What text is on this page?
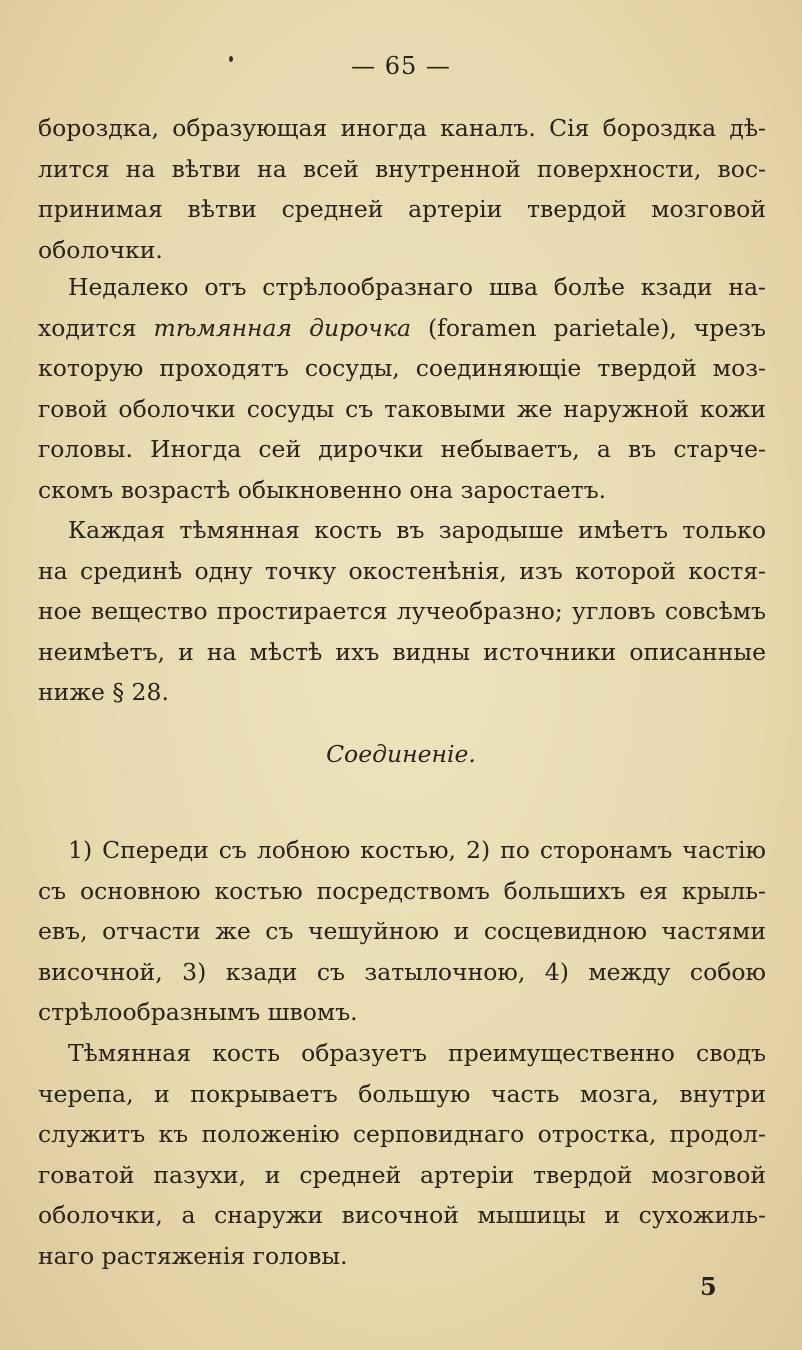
— 65 —
бороздка, образующая иногда каналъ. Сія бороздка дѣ-
лится на вѣтви на всей внутренной поверхности, вос-
принимая вѣтви средней артеріи твердой мозговой
оболочки.
Недалеко отъ стрѣлообразнаго шва болѣе кзади на-
ходится тѣмянная дирочка (foramen parietale), чрезъ
которую проходятъ сосуды, соединяющіе твердой моз-
говой оболочки сосуды съ таковыми же наружной кожи
головы. Иногда сей дирочки небываетъ, а въ старче-
скомъ возрастѣ обыкновенно она заростаетъ.
Каждая тѣмянная кость въ зародыше имѣетъ только
на срединѣ одну точку окостенѣнія, изъ которой костя-
ное вещество простирается лучеобразно; угловъ совсѣмъ
неимѣетъ, и на мѣстѣ ихъ видны источники описанные
ниже § 28.
Соединеніе.
1) Спереди съ лобною костью, 2) по сторонамъ частію
съ основною костью посредствомъ большихъ ея крыль-
евъ, отчасти же съ чешуйною и сосцевидною частями
височной, 3) кзади съ затылочною, 4) между собою
стрѣлообразнымъ швомъ.
Тѣмянная кость образуетъ преимущественно сводъ
черепа, и покрываетъ большую часть мозга, внутри
служитъ къ положенію серповиднаго отростка, продол-
говатой пазухи, и средней артеріи твердой мозговой
оболочки, а снаружи височной мышицы и сухожиль-
наго растяженія головы.
5
